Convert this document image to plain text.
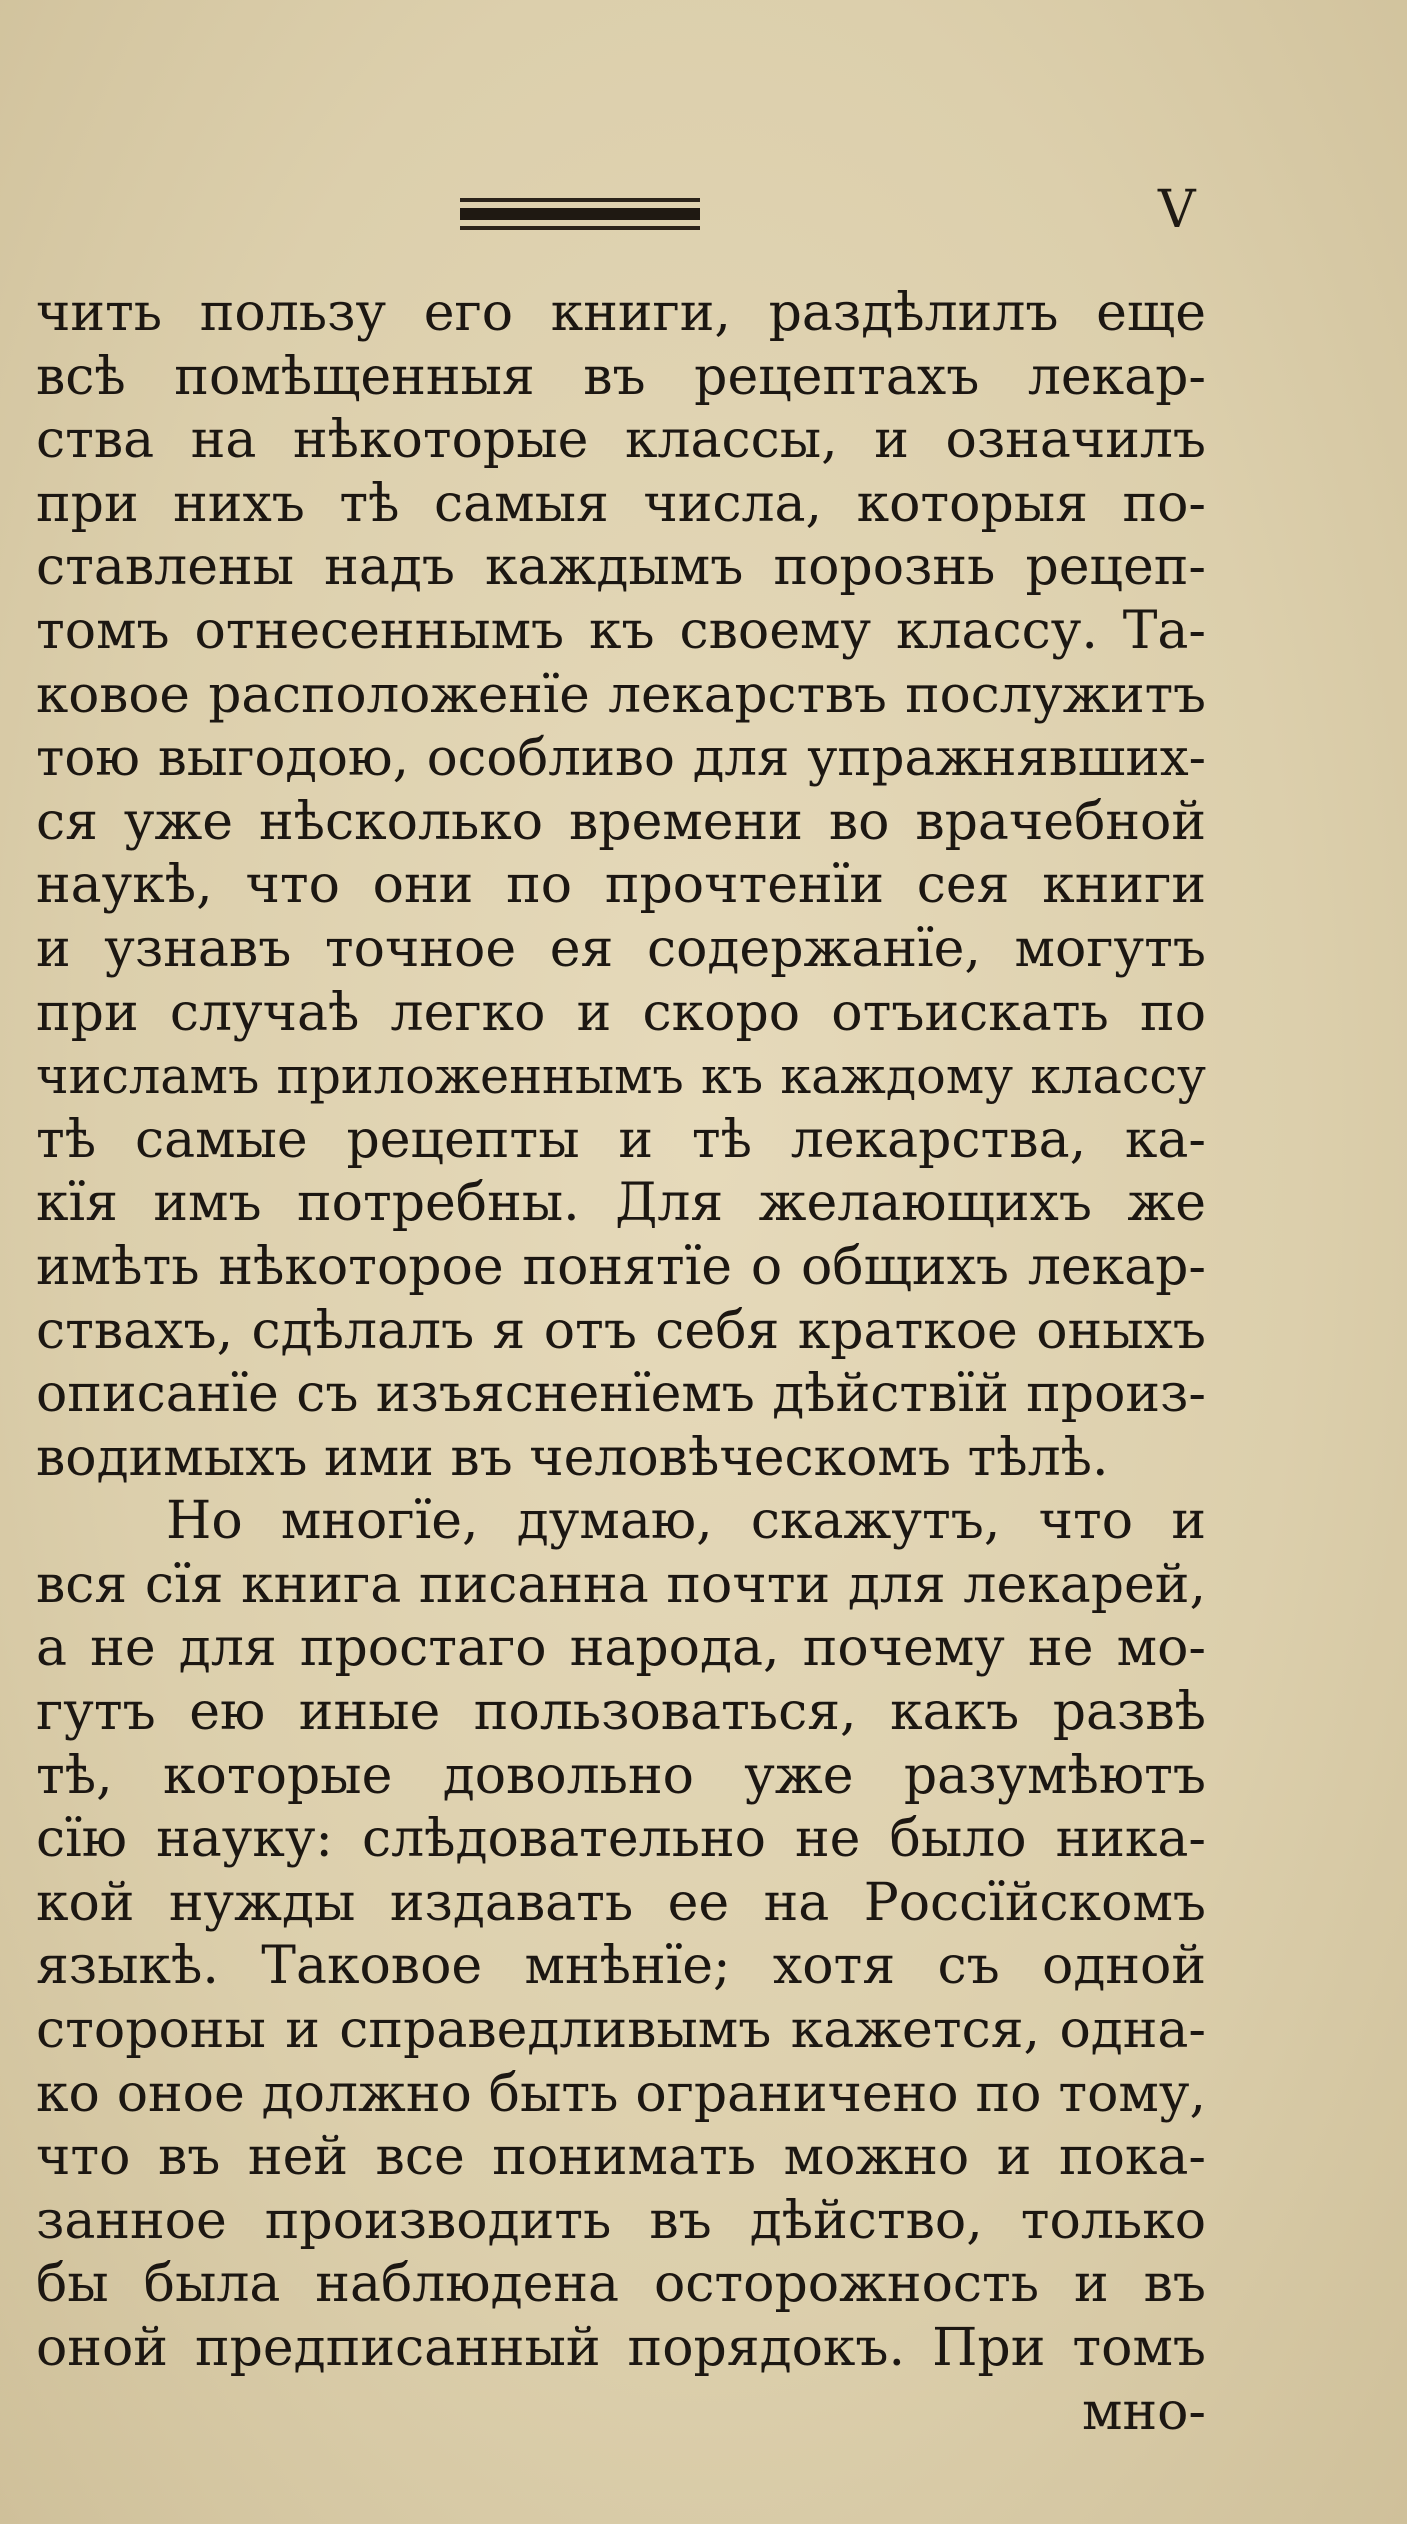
V
чить пользу его книги, раздѣлилъ еще
всѣ помѣщенныя въ рецептахъ лекар-
ства на нѣкоторые классы, и означилъ
при нихъ тѣ самыя числа, которыя по-
ставлены надъ каждымъ порознь рецеп-
томъ отнесеннымъ къ своему классу. Та-
ковое расположенїе лекарствъ послужитъ
тою выгодою, особливо для упражнявших-
ся уже нѣсколько времени во врачебной
наукѣ, что они по прочтенїи сея книги
и узнавъ точное ея содержанїе, могутъ
при случаѣ легко и скоро отъискать по
числамъ приложеннымъ къ каждому классу
тѣ самые рецепты и тѣ лекарства, ка-
кїя имъ потребны. Для желающихъ же
имѣть нѣкоторое понятїе о общихъ лекар-
ствахъ, сдѣлалъ я отъ себя краткое оныхъ
описанїе съ изъясненїемъ дѣйствїй произ-
водимыхъ ими въ человѣческомъ тѣлѣ.
Но многїе, думаю, скажутъ, что и
вся сїя книга писанна почти для лекарей,
а не для простаго народа, почему не мо-
гутъ ею иные пользоваться, какъ развѣ
тѣ, которые довольно уже разумѣютъ
сїю науку: слѣдовательно не было никa-
кой нужды издавать ее на Россїйскомъ
языкѣ. Таковое мнѣнїе; хотя съ одной
стороны и справедливымъ кажется, одна-
ко оное должно быть ограничено по тому,
что въ ней все понимать можно и пока-
занное производить въ дѣйство, только
бы была наблюдена осторожность и въ
оной предписанный порядокъ. При томъ
мно-
